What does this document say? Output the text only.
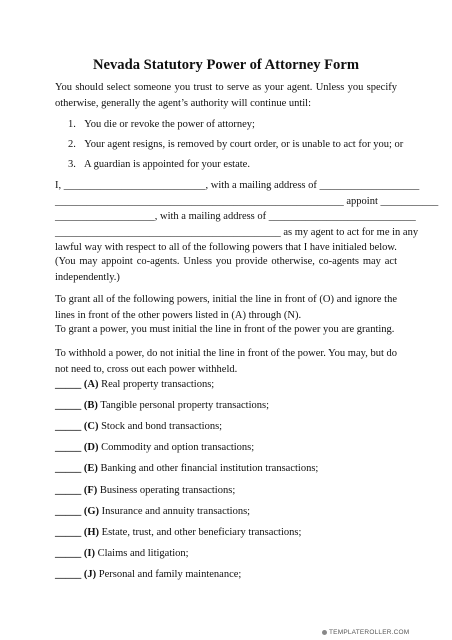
Nevada Statutory Power of Attorney Form

You should select someone you trust to serve as your agent. Unless you specify otherwise, generally the agent’s authority will continue until:

1. You die or revoke the power of attorney;

2. Your agent resigns, is removed by court order, or is unable to act for you; or

3. A guardian is appointed for your estate.

I, ___________________________, with a mailing address of ___________________
_______________________________________________________ appoint ___________
___________________, with a mailing address of ____________________________
___________________________________________ as my agent to act for me in any
lawful way with respect to all of the following powers that I have initialed below.

(You may appoint co-agents. Unless you provide otherwise, co-agents may act independently.)

To grant all of the following powers, initial the line in front of (O) and ignore the lines in front of the other powers listed in (A) through (N).

To grant a power, you must initial the line in front of the power you are granting.

To withhold a power, do not initial the line in front of the power. You may, but do not need to, cross out each power withheld.

_____ (A) Real property transactions;

_____ (B) Tangible personal property transactions;

_____ (C) Stock and bond transactions;

_____ (D) Commodity and option transactions;

_____ (E) Banking and other financial institution transactions;

_____ (F) Business operating transactions;

_____ (G) Insurance and annuity transactions;

_____ (H) Estate, trust, and other beneficiary transactions;

_____ (I) Claims and litigation;

_____ (J) Personal and family maintenance;

TEMPLATEROLLER.COM
